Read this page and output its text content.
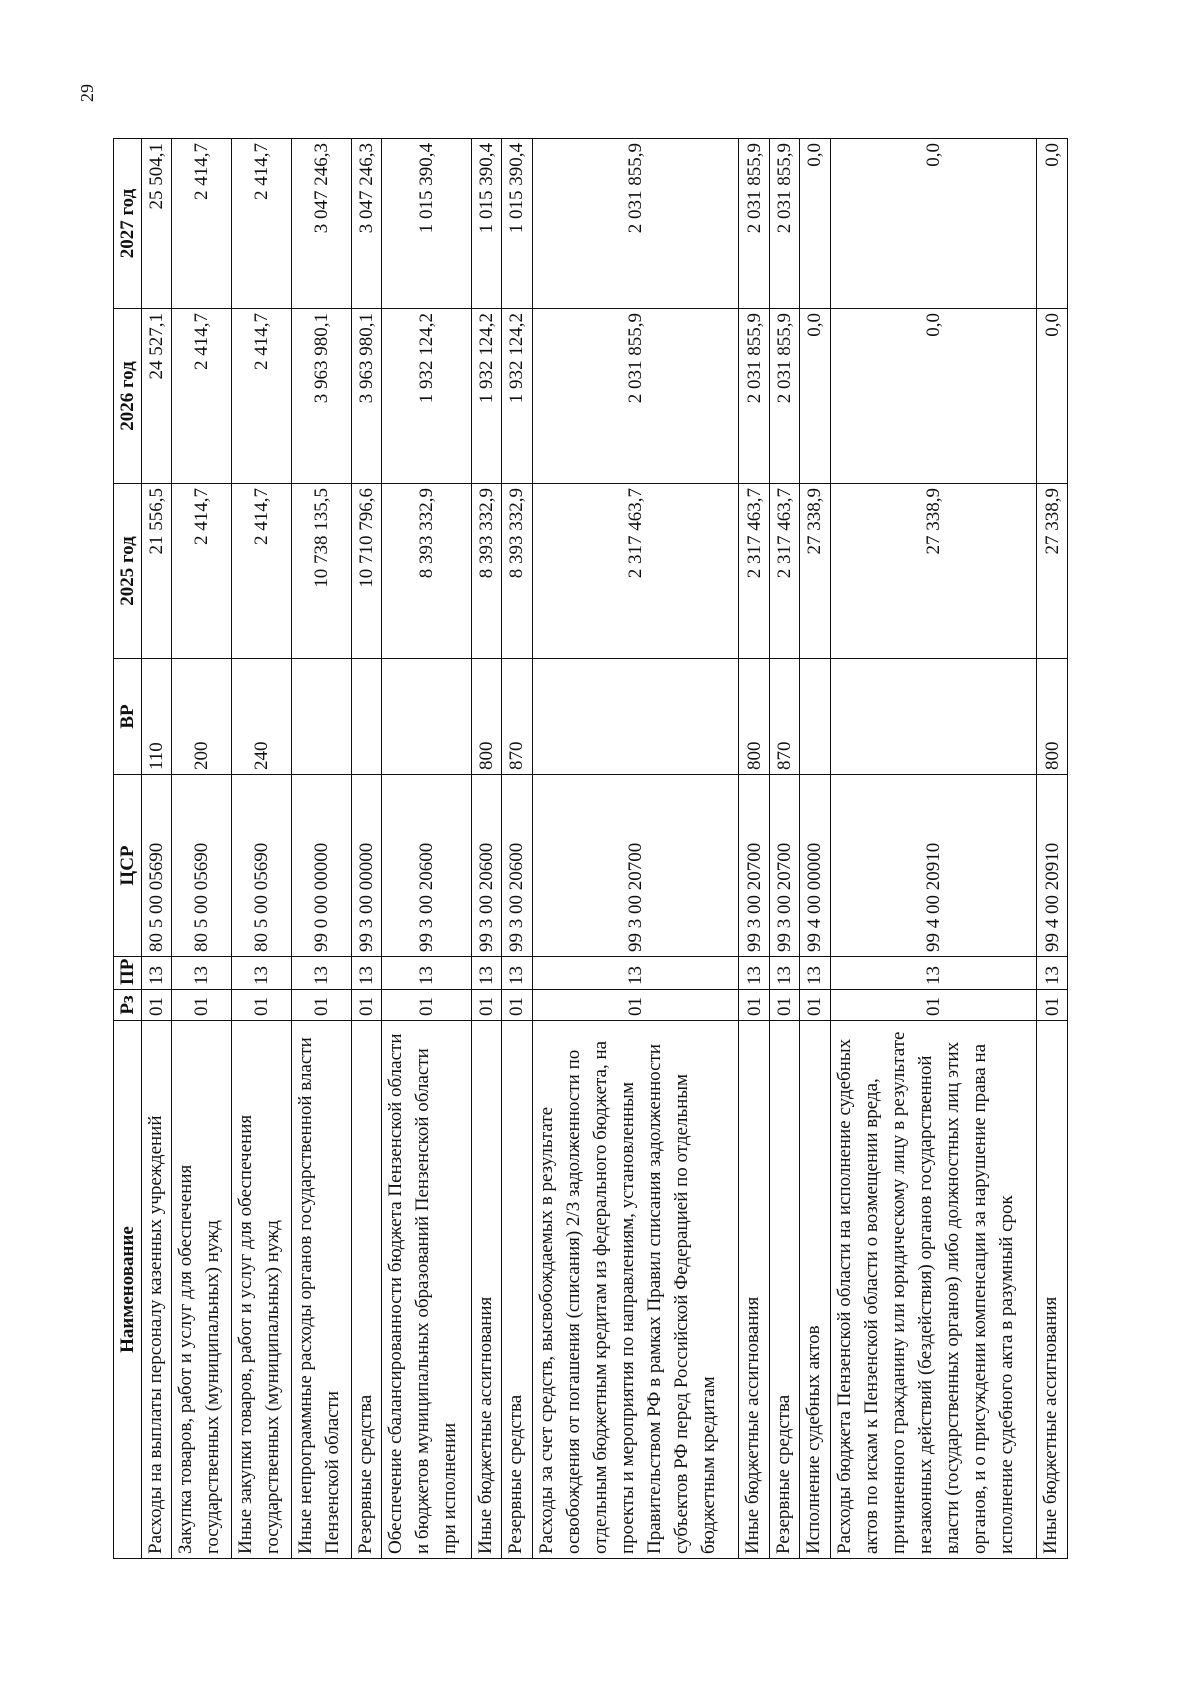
29
Наименование	Рз	ПР	ЦСР	ВР	2025 год	2026 год	2027 год
Расходы на выплаты персоналу казенных учреждений	01	13	80 5 00 05690	110	21 556,5	24 527,1	25 504,1
Закупка товаров, работ и услуг для обеспечения государственных (муниципальных) нужд	01	13	80 5 00 05690	200	2 414,7	2 414,7	2 414,7
Иные закупки товаров, работ и услуг для обеспечения государственных (муниципальных) нужд	01	13	80 5 00 05690	240	2 414,7	2 414,7	2 414,7
Иные непрограммные расходы органов государственной власти Пензенской области	01	13	99 0 00 00000		10 738 135,5	3 963 980,1	3 047 246,3
Резервные средства	01	13	99 3 00 00000		10 710 796,6	3 963 980,1	3 047 246,3
Обеспечение сбалансированности бюджета Пензенской области и бюджетов муниципальных образований Пензенской области при исполнении	01	13	99 3 00 20600		8 393 332,9	1 932 124,2	1 015 390,4
Иные бюджетные ассигнования	01	13	99 3 00 20600	800	8 393 332,9	1 932 124,2	1 015 390,4
Резервные средства	01	13	99 3 00 20600	870	8 393 332,9	1 932 124,2	1 015 390,4
Расходы за счет средств, высвобождаемых в результате освобождения от погашения (списания) 2/3 задолженности по отдельным бюджетным кредитам из федерального бюджета, на проекты и мероприятия по направлениям, установленным Правительством РФ в рамках Правил списания задолженности субъектов РФ перед Российской Федерацией по отдельным бюджетным кредитам	01	13	99 3 00 20700		2 317 463,7	2 031 855,9	2 031 855,9
Иные бюджетные ассигнования	01	13	99 3 00 20700	800	2 317 463,7	2 031 855,9	2 031 855,9
Резервные средства	01	13	99 3 00 20700	870	2 317 463,7	2 031 855,9	2 031 855,9
Исполнение судебных актов	01	13	99 4 00 00000		27 338,9	0,0	0,0
Расходы бюджета Пензенской области на исполнение судебных актов по искам к Пензенской области о возмещении вреда, причиненного гражданину или юридическому лицу в результате незаконных действий (бездействия) органов государственной власти (государственных органов) либо должностных лиц этих органов, и о присуждении компенсации за нарушение права на исполнение судебного акта в разумный срок	01	13	99 4 00 20910		27 338,9	0,0	0,0
Иные бюджетные ассигнования	01	13	99 4 00 20910	800	27 338,9	0,0	0,0
